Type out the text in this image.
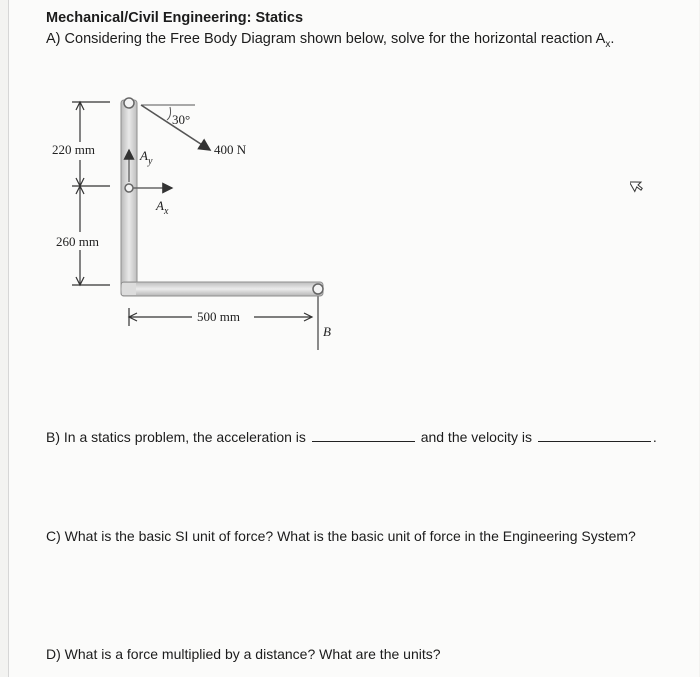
Mechanical/Civil Engineering: Statics
A) Considering the Free Body Diagram shown below, solve for the horizontal reaction $A_x$.
220 mm
260 mm
30°
400 N
$A_y$
$A_x$
500 mm
B
B) In a statics problem, the acceleration is	and the velocity is	.
C) What is the basic SI unit of force? What is the basic unit of force in the Engineering System?
D) What is a force multiplied by a distance? What are the units?
